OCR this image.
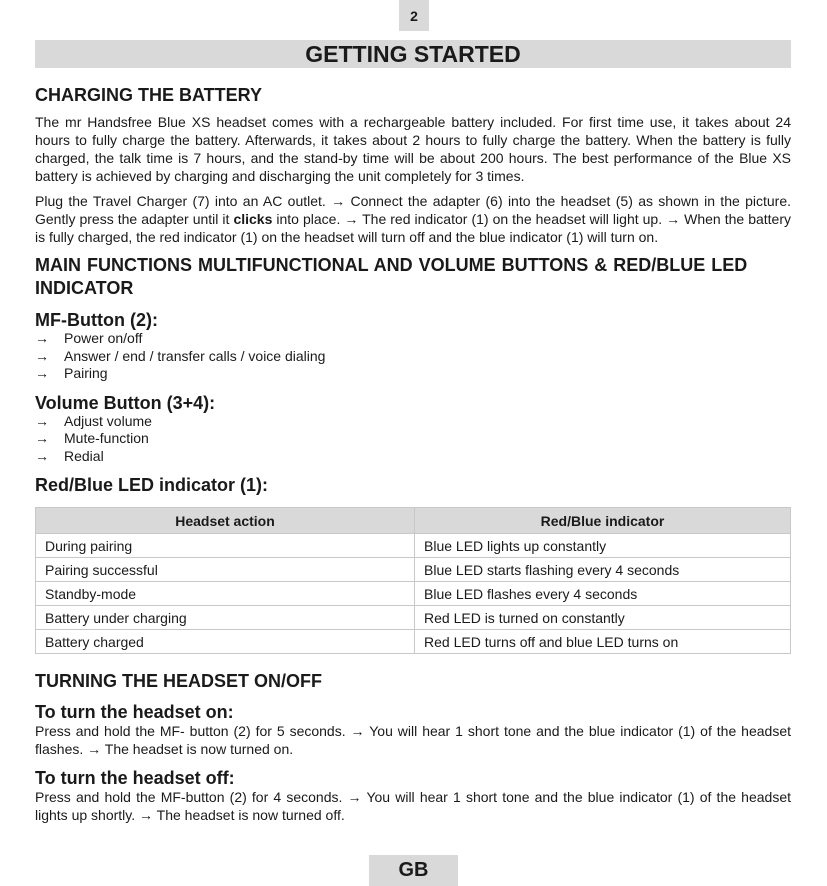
2
GETTING STARTED
CHARGING THE BATTERY

The mr Handsfree Blue XS headset comes with a rechargeable battery included. For first time use, it takes about 24 hours to fully charge the battery. Afterwards, it takes about 2 hours to fully charge the battery. When the battery is fully charged, the talk time is 7 hours, and the stand-by time will be about 200 hours. The best performance of the Blue XS battery is achieved by charging and discharging the unit completely for 3 times.

Plug the Travel Charger (7) into an AC outlet. → Connect the adapter (6) into the headset (5) as shown in the picture. Gently press the adapter until it clicks into place. → The red indicator (1) on the headset will light up. → When the battery is fully charged, the red indicator (1) on the headset will turn off and the blue indicator (1) will turn on.

MAIN FUNCTIONS MULTIFUNCTIONAL AND VOLUME BUTTONS & RED/BLUE LED INDICATOR
MF-Button (2):
→	Power on/off
→	Answer / end / transfer calls / voice dialing
→	Pairing
Volume Button (3+4):
→	Adjust volume
→	Mute-function
→	Redial
Red/Blue LED indicator (1):
Headset action	Red/Blue indicator
During pairing	Blue LED lights up constantly
Pairing successful	Blue LED starts flashing every 4 seconds
Standby-mode	Blue LED flashes every 4 seconds
Battery under charging	Red LED is turned on constantly
Battery charged	Red LED turns off and blue LED turns on
TURNING THE HEADSET ON/OFF
To turn the headset on:

Press and hold the MF- button (2) for 5 seconds. → You will hear 1 short tone and the blue indicator (1) of the headset flashes. → The headset is now turned on.

To turn the headset off:

Press and hold the MF-button (2) for 4 seconds. → You will hear 1 short tone and the blue indicator (1) of the headset lights up shortly. → The headset is now turned off.

GB
